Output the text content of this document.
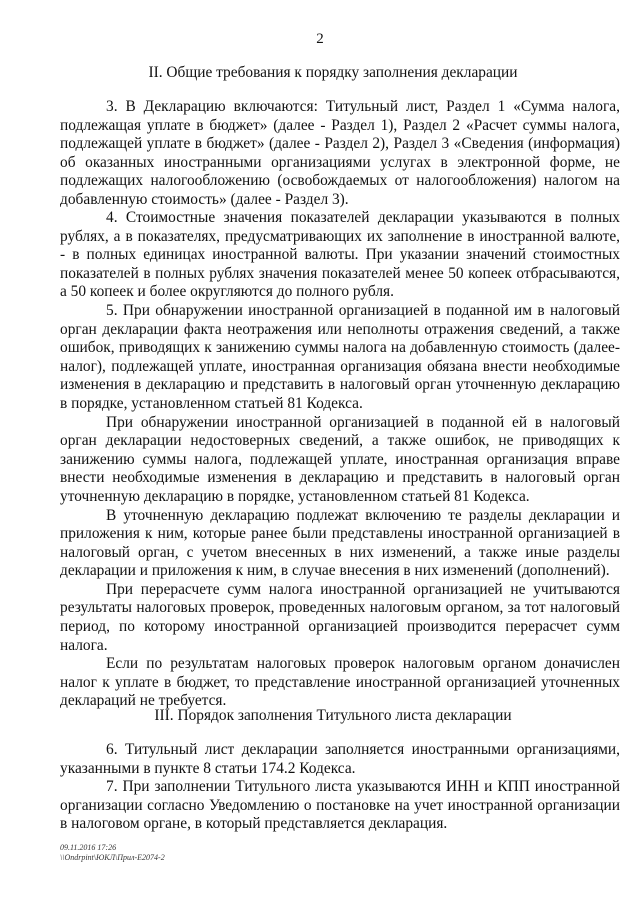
2
II. Общие требования к порядку заполнения декларации
3. В Декларацию включаются: Титульный лист, Раздел 1 «Сумма налога,
подлежащая уплате в бюджет» (далее - Раздел 1), Раздел 2 «Расчет суммы налога,
подлежащей уплате в бюджет» (далее - Раздел 2), Раздел 3 «Сведения (информация)
об оказанных иностранными организациями услугах в электронной форме, не
подлежащих налогообложению (освобождаемых от налогообложения) налогом на
добавленную стоимость» (далее - Раздел 3).
4. Стоимостные значения показателей декларации указываются в полных
рублях, а в показателях, предусматривающих их заполнение в иностранной валюте,
- в полных единицах иностранной валюты. При указании значений стоимостных
показателей в полных рублях значения показателей менее 50 копеек отбрасываются,
а 50 копеек и более округляются до полного рубля.
5. При обнаружении иностранной организацией в поданной им в налоговый
орган декларации факта неотражения или неполноты отражения сведений, а также
ошибок, приводящих к занижению суммы налога на добавленную стоимость (далее-
налог), подлежащей уплате, иностранная организация обязана внести необходимые
изменения в декларацию и представить в налоговый орган уточненную декларацию
в порядке, установленном статьей 81 Кодекса.
При обнаружении иностранной организацией в поданной ей в налоговый
орган декларации недостоверных сведений, а также ошибок, не приводящих к
занижению суммы налога, подлежащей уплате, иностранная организация вправе
внести необходимые изменения в декларацию и представить в налоговый орган
уточненную декларацию в порядке, установленном статьей 81 Кодекса.
В уточненную декларацию подлежат включению те разделы декларации и
приложения к ним, которые ранее были представлены иностранной организацией в
налоговый орган, с учетом внесенных в них изменений, а также иные разделы
декларации и приложения к ним, в случае внесения в них изменений (дополнений).
При перерасчете сумм налога иностранной организацией не учитываются
результаты налоговых проверок, проведенных налоговым органом, за тот налоговый
период, по которому иностранной организацией производится перерасчет сумм
налога.
Если по результатам налоговых проверок налоговым органом доначислен
налог к уплате в бюджет, то представление иностранной организацией уточненных
деклараций не требуется.
III. Порядок заполнения Титульного листа декларации
6. Титульный лист декларации заполняется иностранными организациями,
указанными в пункте 8 статьи 174.2 Кодекса.
7. При заполнении Титульного листа указываются ИНН и КПП иностранной
организации согласно Уведомлению о постановке на учет иностранной организации
в налоговом органе, в который представляется декларация.
09.11.2016 17:26
\\Ondrpint\ЮКЛ\Прил-Е2074-2
